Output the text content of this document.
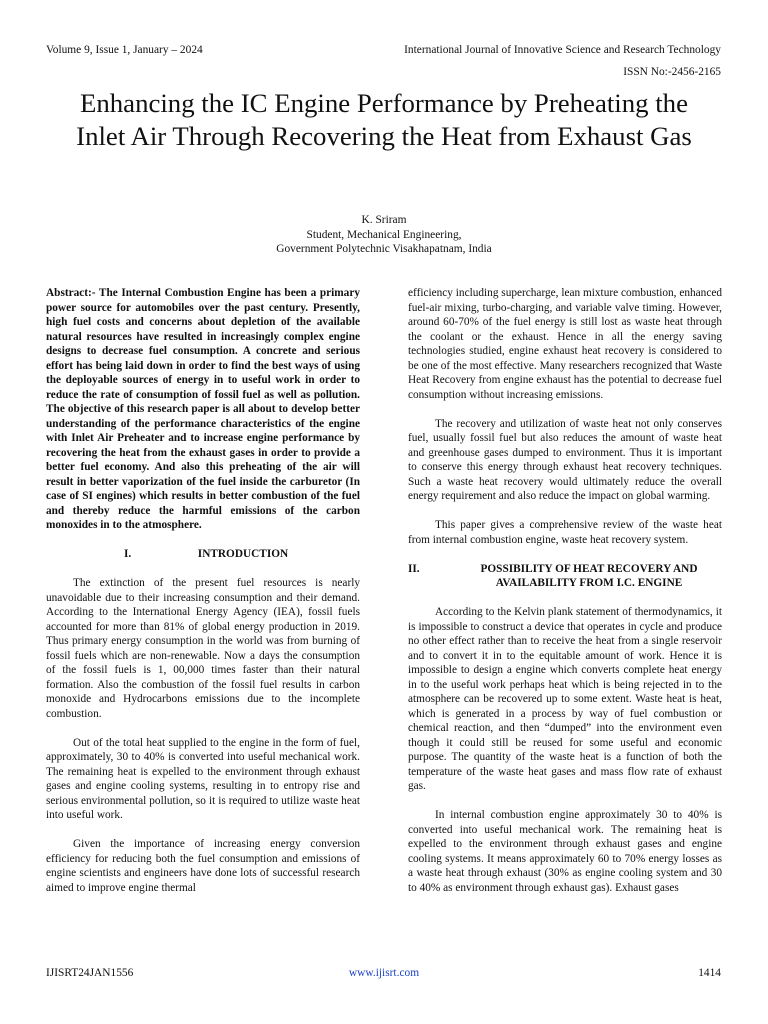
Volume 9, Issue 1, January – 2024	International Journal of Innovative Science and Research Technology
ISSN No:-2456-2165
Enhancing the IC Engine Performance by Preheating the Inlet Air Through Recovering the Heat from Exhaust Gas
K. Sriram
Student, Mechanical Engineering,
Government Polytechnic Visakhapatnam, India

Abstract:- The Internal Combustion Engine has been a primary power source for automobiles over the past century. Presently, high fuel costs and concerns about depletion of the available natural resources have resulted in increasingly complex engine designs to decrease fuel consumption. A concrete and serious effort has being laid down in order to find the best ways of using the deployable sources of energy in to useful work in order to reduce the rate of consumption of fossil fuel as well as pollution. The objective of this research paper is all about to develop better understanding of the performance characteristics of the engine with Inlet Air Preheater and to increase engine performance by recovering the heat from the exhaust gases in order to provide a better fuel economy. And also this preheating of the air will result in better vaporization of the fuel inside the carburetor (In case of SI engines) which results in better combustion of the fuel and thereby reduce the harmful emissions of the carbon monoxides in to the atmosphere.

I.	INTRODUCTION

The extinction of the present fuel resources is nearly unavoidable due to their increasing consumption and their demand. According to the International Energy Agency (IEA), fossil fuels accounted for more than 81% of global energy production in 2019. Thus primary energy consumption in the world was from burning of fossil fuels which are non-renewable. Now a days the consumption of the fossil fuels is 1, 00,000 times faster than their natural formation. Also the combustion of the fossil fuel results in carbon monoxide and Hydrocarbons emissions due to the incomplete combustion.

Out of the total heat supplied to the engine in the form of fuel, approximately, 30 to 40% is converted into useful mechanical work. The remaining heat is expelled to the environment through exhaust gases and engine cooling systems, resulting in to entropy rise and serious environmental pollution, so it is required to utilize waste heat into useful work.

Given the importance of increasing energy conversion efficiency for reducing both the fuel consumption and emissions of engine scientists and engineers have done lots of successful research aimed to improve engine thermal

efficiency including supercharge, lean mixture combustion, enhanced fuel-air mixing, turbo-charging, and variable valve timing. However, around 60-70% of the fuel energy is still lost as waste heat through the coolant or the exhaust. Hence in all the energy saving technologies studied, engine exhaust heat recovery is considered to be one of the most effective. Many researchers recognized that Waste Heat Recovery from engine exhaust has the potential to decrease fuel consumption without increasing emissions.

The recovery and utilization of waste heat not only conserves fuel, usually fossil fuel but also reduces the amount of waste heat and greenhouse gases dumped to environment. Thus it is important to conserve this energy through exhaust heat recovery techniques. Such a waste heat recovery would ultimately reduce the overall energy requirement and also reduce the impact on global warming.

This paper gives a comprehensive review of the waste heat from internal combustion engine, waste heat recovery system.

II.	POSSIBILITY OF HEAT RECOVERY AND AVAILABILITY FROM I.C. ENGINE

According to the Kelvin plank statement of thermodynamics, it is impossible to construct a device that operates in cycle and produce no other effect rather than to receive the heat from a single reservoir and to convert it in to the equitable amount of work. Hence it is impossible to design a engine which converts complete heat energy in to the useful work perhaps heat which is being rejected in to the atmosphere can be recovered up to some extent. Waste heat is heat, which is generated in a process by way of fuel combustion or chemical reaction, and then “dumped” into the environment even though it could still be reused for some useful and economic purpose. The quantity of the waste heat is a function of both the temperature of the waste heat gases and mass flow rate of exhaust gas.

In internal combustion engine approximately 30 to 40% is converted into useful mechanical work. The remaining heat is expelled to the environment through exhaust gases and engine cooling systems. It means approximately 60 to 70% energy losses as a waste heat through exhaust (30% as engine cooling system and 30 to 40% as environment through exhaust gas). Exhaust gases

IJISRT24JAN1556	www.ijisrt.com	1414
